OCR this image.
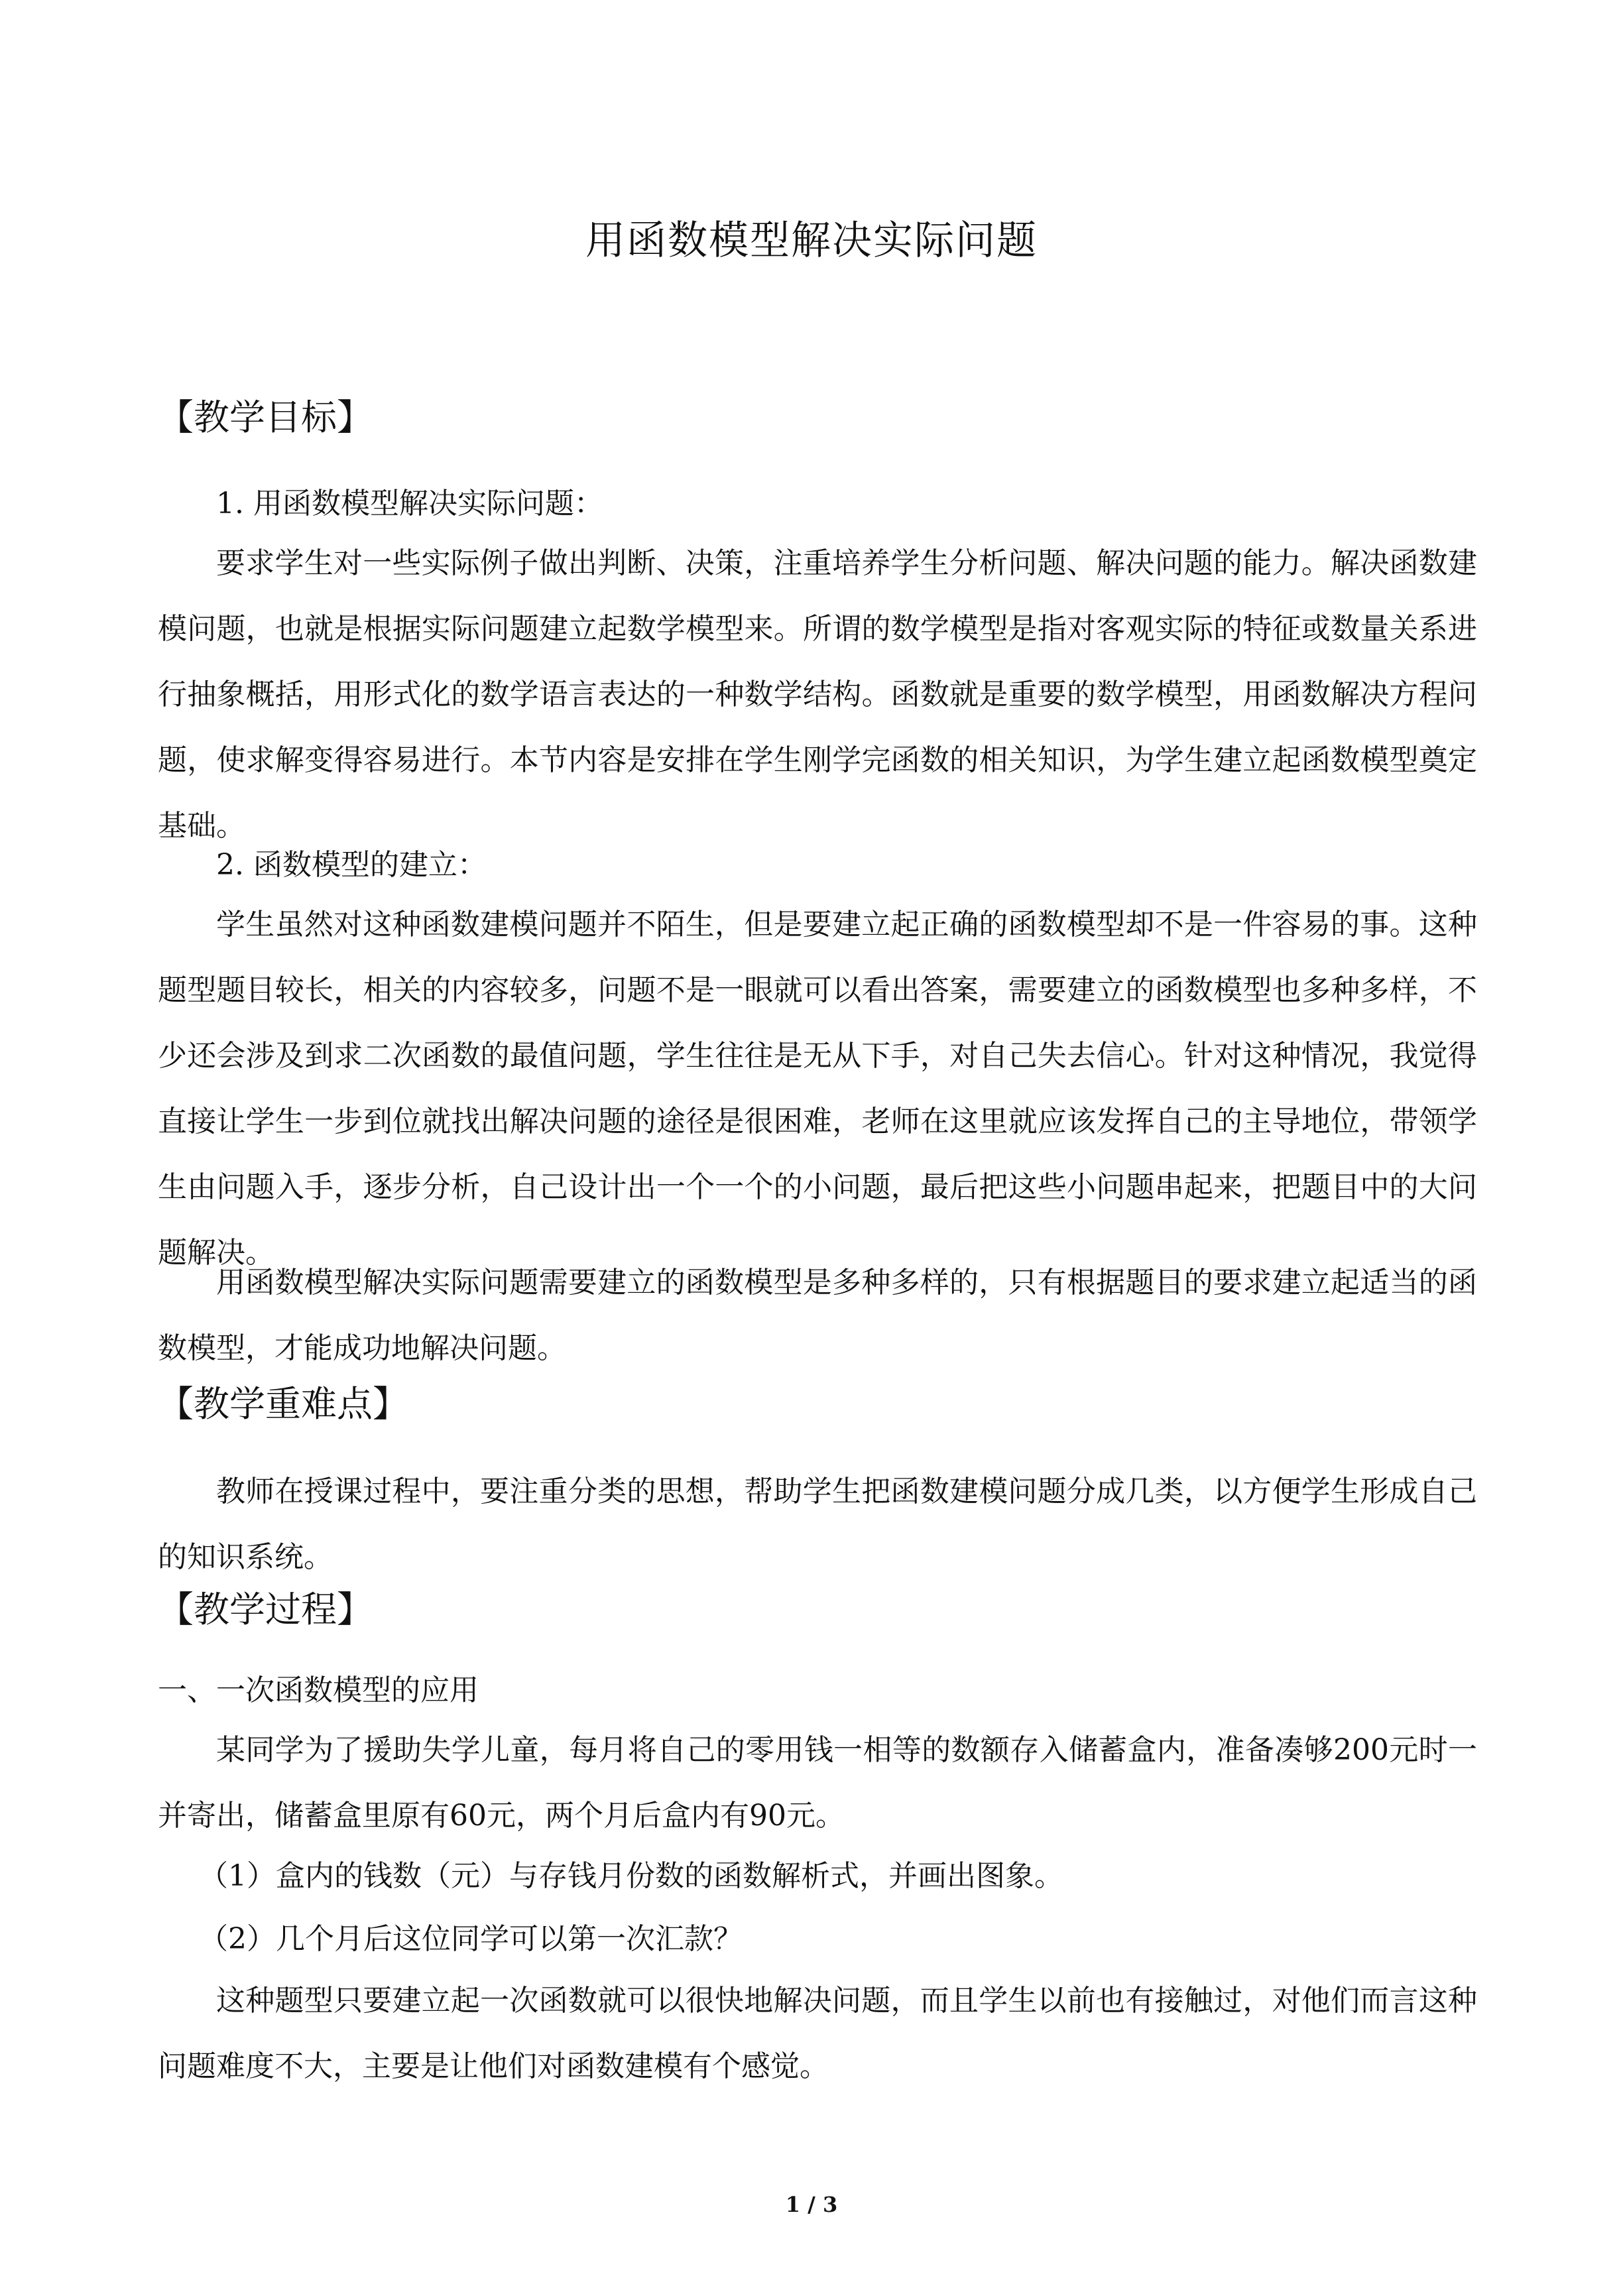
用函数模型解决实际问题
【教学目标】
1. 用函数模型解决实际问题：

要求学生对一些实际例子做出判断、决策，注重培养学生分析问题、解决问题的能力。解决函数建模问题，也就是根据实际问题建立起数学模型来。所谓的数学模型是指对客观实际的特征或数量关系进行抽象概括，用形式化的数学语言表达的一种数学结构。函数就是重要的数学模型，用函数解决方程问题，使求解变得容易进行。本节内容是安排在学生刚学完函数的相关知识，为学生建立起函数模型奠定基础。

2. 函数模型的建立：

学生虽然对这种函数建模问题并不陌生，但是要建立起正确的函数模型却不是一件容易的事。这种题型题目较长，相关的内容较多，问题不是一眼就可以看出答案，需要建立的函数模型也多种多样，不少还会涉及到求二次函数的最值问题，学生往往是无从下手，对自己失去信心。针对这种情况，我觉得直接让学生一步到位就找出解决问题的途径是很困难，老师在这里就应该发挥自己的主导地位，带领学生由问题入手，逐步分析，自己设计出一个一个的小问题，最后把这些小问题串起来，把题目中的大问题解决。

用函数模型解决实际问题需要建立的函数模型是多种多样的，只有根据题目的要求建立起适当的函数模型，才能成功地解决问题。

【教学重难点】

教师在授课过程中，要注重分类的思想，帮助学生把函数建模问题分成几类，以方便学生形成自己的知识系统。

【教学过程】
一、一次函数模型的应用

某同学为了援助失学儿童，每月将自己的零用钱一相等的数额存入储蓄盒内，准备凑够200元时一并寄出，储蓄盒里原有60元，两个月后盒内有90元。

（1）盒内的钱数（元）与存钱月份数的函数解析式，并画出图象。
（2）几个月后这位同学可以第一次汇款？

这种题型只要建立起一次函数就可以很快地解决问题，而且学生以前也有接触过，对他们而言这种问题难度不大，主要是让他们对函数建模有个感觉。

1 / 3
